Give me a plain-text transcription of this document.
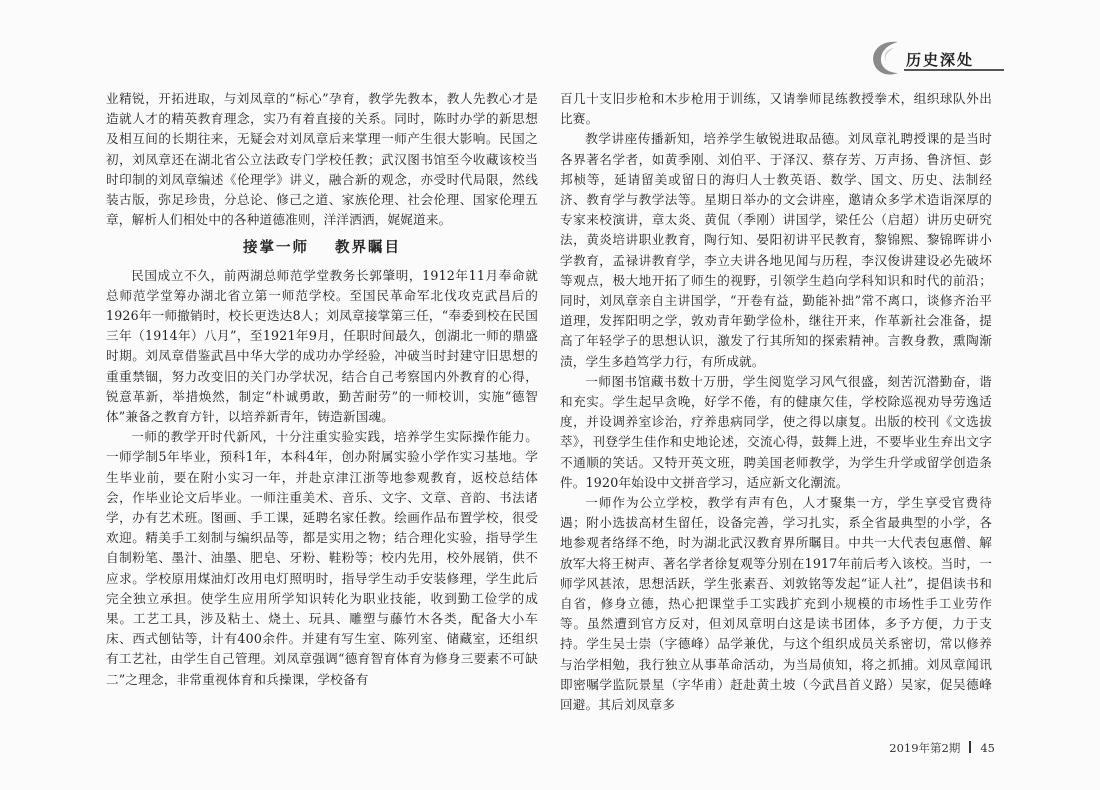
历史深处

业精锐，开拓进取，与刘凤章的“标心”孕育，教学先教本，教人先教心才是造就人才的精英教育理念，实乃有着直接的关系。同时，陈时办学的新思想及相互间的长期往来，无疑会对刘凤章后来掌理一师产生很大影响。民国之初，刘凤章还在湖北省公立法政专门学校任教；武汉图书馆至今收藏该校当时印制的刘凤章编述《伦理学》讲义，融合新的观念，亦受时代局限，然线装古版，弥足珍贵，分总论、修己之道、家族伦理、社会伦理、国家伦理五章，解析人们相处中的各种道德准则，洋洋洒洒，娓娓道来。

接掌一师 教界瞩目

民国成立不久，前两湖总师范学堂教务长郭肇明，1912年11月奉命就总师范学堂筹办湖北省立第一师范学校。至国民革命军北伐攻克武昌后的1926年一师撤销时，校长更迭达8人；刘凤章接掌第三任，“奉委到校在民国三年（1914年）八月”，至1921年9月，任职时间最久，创湖北一师的鼎盛时期。刘凤章借鉴武昌中华大学的成功办学经验，冲破当时封建守旧思想的重重禁锢，努力改变旧的关门办学状况，结合自己考察国内外教育的心得，锐意革新，举措焕然，制定“朴诚勇敢，勤苦耐劳”的一师校训，实施“德智体”兼备之教育方针，以培养新青年，铸造新国魂。

一师的教学开时代新风，十分注重实验实践，培养学生实际操作能力。一师学制5年毕业，预科1年，本科4年，创办附属实验小学作实习基地。学生毕业前，要在附小实习一年，并赴京津江浙等地参观教育，返校总结体会，作毕业论文后毕业。一师注重美术、音乐、文字、文章、音韵、书法诸学，办有艺术班。图画、手工课，延聘名家任教。绘画作品布置学校，很受欢迎。精美手工刻制与编织品等，都是实用之物；结合理化实验，指导学生自制粉笔、墨汁、油墨、肥皂、牙粉、鞋粉等；校内先用，校外展销，供不应求。学校原用煤油灯改用电灯照明时，指导学生动手安装修理，学生此后完全独立承担。使学生应用所学知识转化为职业技能，收到勤工俭学的成果。工艺工具，涉及粘土、烧土、玩具、雕塑与藤竹木各类，配备大小车床、西式刨钻等，计有400余件。并建有写生室、陈列室、储藏室，还组织有工艺社，由学生自己管理。刘凤章强调“德育智育体育为修身三要素不可缺二”之理念，非常重视体育和兵操课，学校备有

百几十支旧步枪和木步枪用于训练，又请拳师昆练教授拳术，组织球队外出比赛。

教学讲座传播新知，培养学生敏锐进取品德。刘凤章礼聘授课的是当时各界著名学者，如黄季刚、刘伯平、于泽汉、蔡存芳、万声扬、鲁济恒、彭邦桢等，延请留美或留日的海归人士教英语、数学、国文、历史、法制经济、教育学与教学法等。星期日举办的文会讲座，邀请众多学术造诣深厚的专家来校演讲，章太炎、黄侃（季刚）讲国学，梁任公（启超）讲历史研究法，黄炎培讲职业教育，陶行知、晏阳初讲平民教育，黎锦熙、黎锦晖讲小学教育，孟禄讲教育学，李立夫讲各地见闻与历程，李汉俊讲建设必先破坏等观点，极大地开拓了师生的视野，引领学生趋向学科知识和时代的前沿；同时，刘凤章亲自主讲国学，“开卷有益，勤能补拙”常不离口，谈修齐治平道理，发挥阳明之学，敦劝青年勤学俭朴，继往开来，作革新社会准备，提高了年轻学子的思想认识，激发了行其所知的探索精神。言教身教，熏陶渐渍，学生多趋笃学力行，有所成就。

一师图书馆藏书数十万册，学生阅览学习风气很盛，刻苦沉潜勤奋，谐和充实。学生起早贪晚，好学不倦，有的健康欠佳，学校除巡视劝导劳逸适度，并设调养室诊治，疗养患病同学，使之得以康复。出版的校刊《文选拔萃》，刊登学生佳作和史地论述，交流心得，鼓舞上进，不要毕业生弃出文字不通顺的笑话。又特开英文班，聘美国老师教学，为学生升学或留学创造条件。1920年始设中文拼音学习，适应新文化潮流。

一师作为公立学校，教学有声有色，人才聚集一方，学生享受官费待遇；附小选拔高材生留任，设备完善，学习扎实，系全省最典型的小学，各地参观者络绎不绝，时为湖北武汉教育界所瞩目。中共一大代表包惠僧、解放军大将王树声、著名学者徐复观等分别在1917年前后考入该校。当时，一师学风甚浓，思想活跃，学生张素吾、刘敦铭等发起“证人社”，提倡读书和自省，修身立德，热心把课堂手工实践扩充到小规模的市场性手工业劳作等。虽然遭到官方反对，但刘凤章明白这是读书团体，多予方便，力于支持。学生吴士崇（字德峰）品学兼优，与这个组织成员关系密切，常以修养与治学相勉，我行独立从事革命活动，为当局侦知，将之抓捕。刘凤章闻讯即密嘱学监阮景星（字华甫）赶赴黄土坡（今武昌首义路）吴家，促吴德峰回避。其后刘凤章多

2019年第2期 45
